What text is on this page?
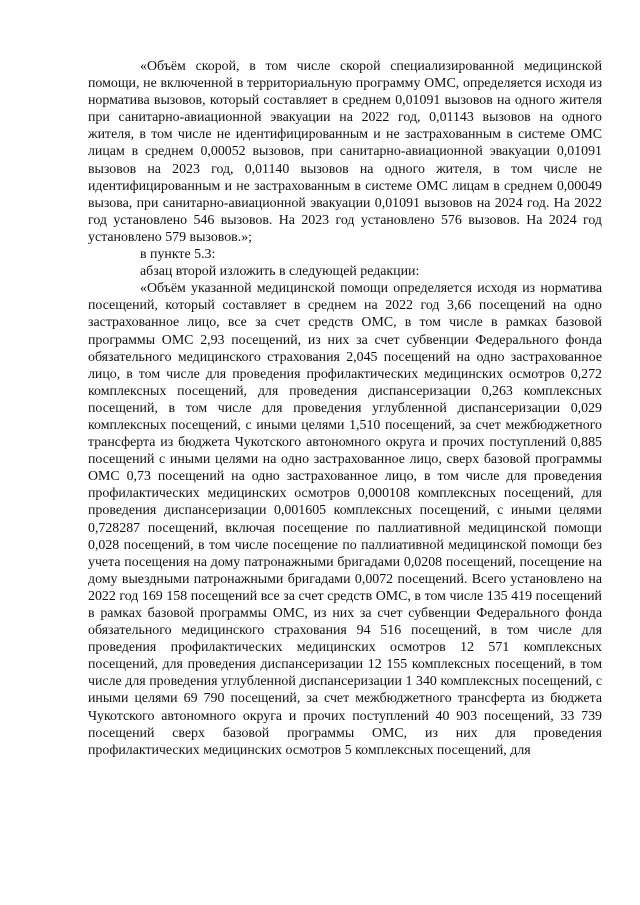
«Объём скорой, в том числе скорой специализированной медицинской помощи, не включенной в территориальную программу ОМС, определяется исходя из норматива вызовов, который составляет в среднем 0,01091 вызовов на одного жителя при санитарно-авиационной эвакуации на 2022 год, 0,01143 вызовов на одного жителя, в том числе не идентифицированным и не застрахованным в системе ОМС лицам в среднем 0,00052 вызовов, при санитарно-авиационной эвакуации 0,01091 вызовов на 2023 год, 0,01140 вызовов на одного жителя, в том числе не идентифицированным и не застрахованным в системе ОМС лицам в среднем 0,00049 вызова, при санитарно-авиационной эвакуации 0,01091 вызовов на 2024 год. На 2022 год установлено 546 вызовов. На 2023 год установлено 576 вызовов. На 2024 год установлено 579 вызовов.»;

в пункте 5.3:

абзац второй изложить в следующей редакции:

«Объём указанной медицинской помощи определяется исходя из норматива посещений, который составляет в среднем на 2022 год 3,66 посещений на одно застрахованное лицо, все за счет средств ОМС, в том числе в рамках базовой программы ОМС 2,93 посещений, из них за счет субвенции Федерального фонда обязательного медицинского страхования 2,045 посещений на одно застрахованное лицо, в том числе для проведения профилактических медицинских осмотров 0,272 комплексных посещений, для проведения диспансеризации 0,263 комплексных посещений, в том числе для проведения углубленной диспансеризации 0,029 комплексных посещений, с иными целями 1,510 посещений, за счет межбюджетного трансферта из бюджета Чукотского автономного округа и прочих поступлений 0,885 посещений с иными целями на одно застрахованное лицо, сверх базовой программы ОМС 0,73 посещений на одно застрахованное лицо, в том числе для проведения профилактических медицинских осмотров 0,000108 комплексных посещений, для проведения диспансеризации 0,001605 комплексных посещений, с иными целями 0,728287 посещений, включая посещение по паллиативной медицинской помощи 0,028 посещений, в том числе посещение по паллиативной медицинской помощи без учета посещения на дому патронажными бригадами 0,0208 посещений, посещение на дому выездными патронажными бригадами 0,0072 посещений. Всего установлено на 2022 год 169 158 посещений все за счет средств ОМС, в том числе 135 419 посещений в рамках базовой программы ОМС, из них за счет субвенции Федерального фонда обязательного медицинского страхования 94 516 посещений, в том числе для проведения профилактических медицинских осмотров 12 571 комплексных посещений, для проведения диспансеризации 12 155 комплексных посещений, в том числе для проведения углубленной диспансеризации 1 340 комплексных посещений, с иными целями 69 790 посещений, за счет межбюджетного трансферта из бюджета Чукотского автономного округа и прочих поступлений 40 903 посещений, 33 739 посещений сверх базовой программы ОМС, из них для проведения профилактических медицинских осмотров 5 комплексных посещений, для
